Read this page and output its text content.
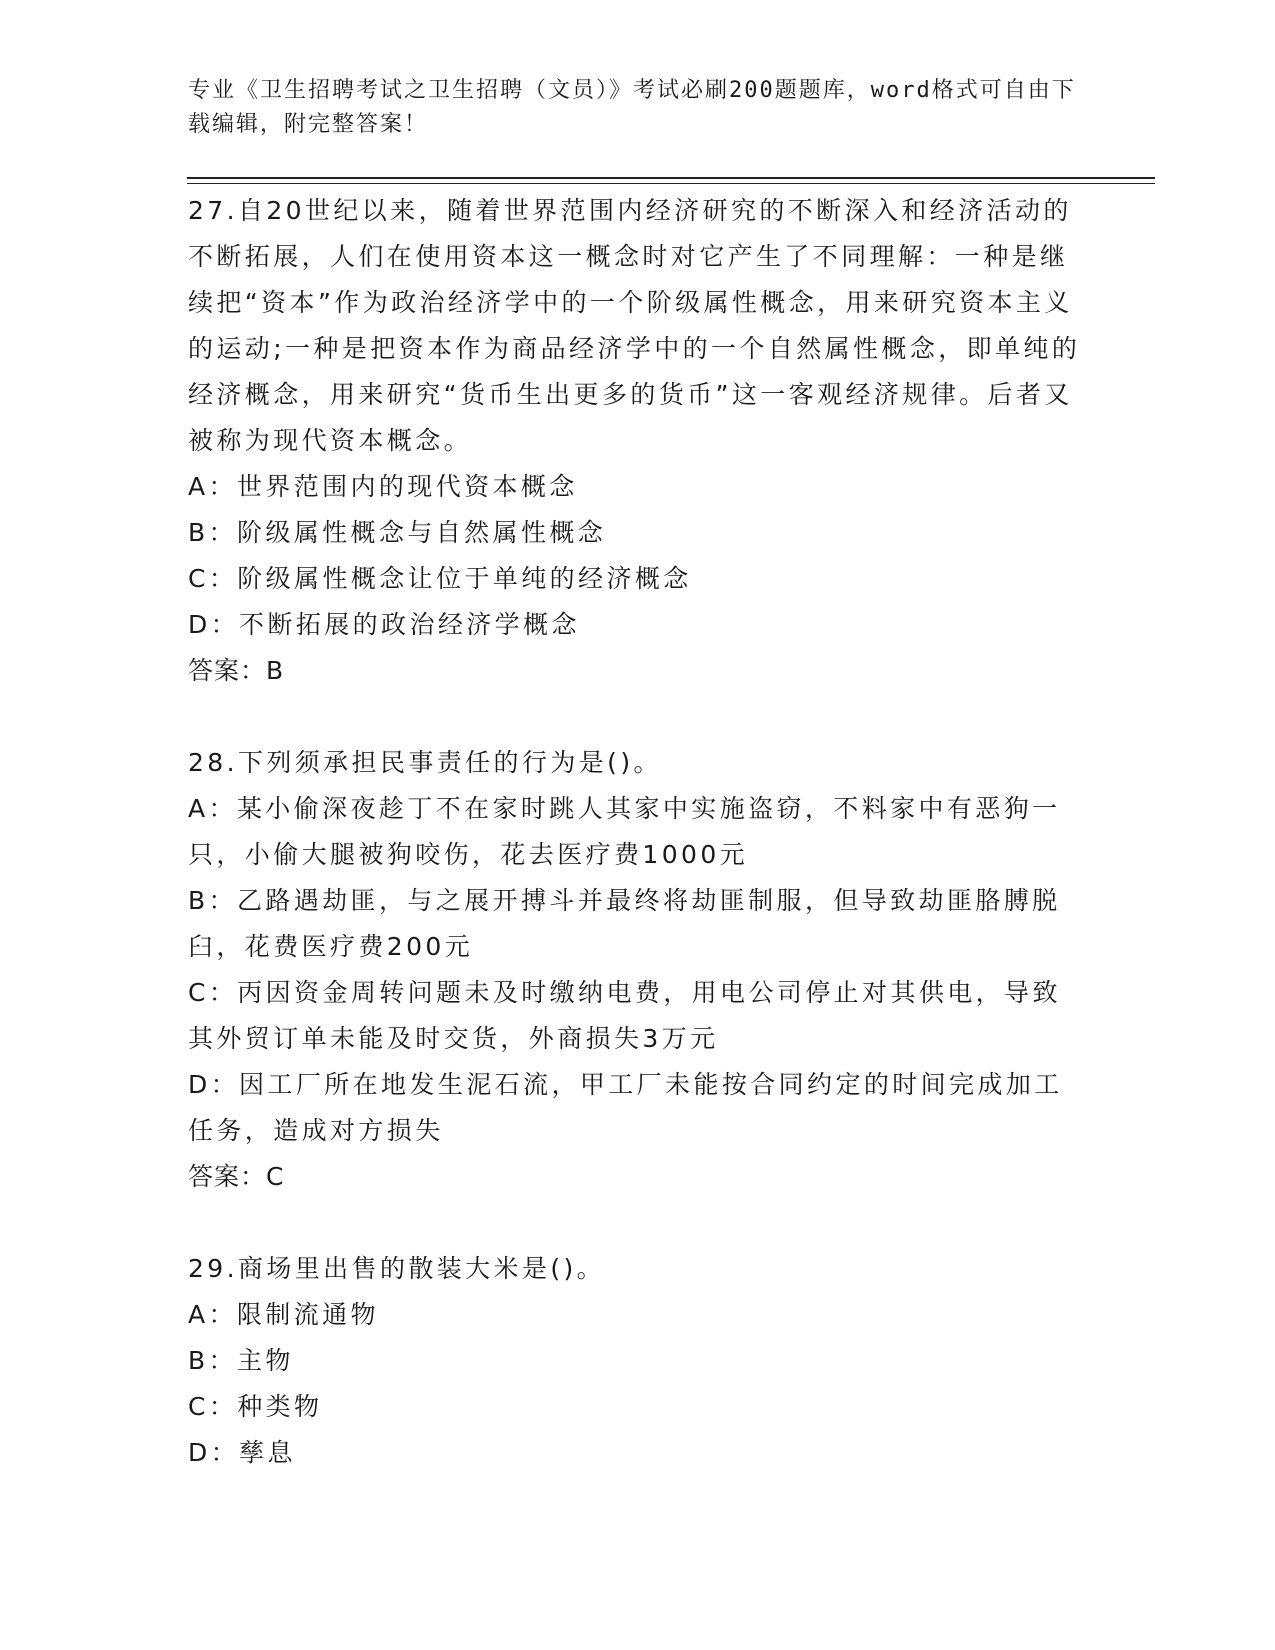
专业《卫生招聘考试之卫生招聘（文员）》考试必刷200题题库，word格式可自由下载编辑，附完整答案！

27.自20世纪以来，随着世界范围内经济研究的不断深入和经济活动的不断拓展，人们在使用资本这一概念时对它产生了不同理解：一种是继续把“资本”作为政治经济学中的一个阶级属性概念，用来研究资本主义的运动;一种是把资本作为商品经济学中的一个自然属性概念，即单纯的经济概念，用来研究“货币生出更多的货币”这一客观经济规律。后者又被称为现代资本概念。

A：世界范围内的现代资本概念

B：阶级属性概念与自然属性概念

C：阶级属性概念让位于单纯的经济概念

D：不断拓展的政治经济学概念

答案：B

28.下列须承担民事责任的行为是()。

A：某小偷深夜趁丁不在家时跳人其家中实施盗窃，不料家中有恶狗一只，小偷大腿被狗咬伤，花去医疗费1000元

B：乙路遇劫匪，与之展开搏斗并最终将劫匪制服，但导致劫匪胳膊脱臼，花费医疗费200元

C：丙因资金周转问题未及时缴纳电费，用电公司停止对其供电，导致其外贸订单未能及时交货，外商损失3万元

D：因工厂所在地发生泥石流，甲工厂未能按合同约定的时间完成加工任务，造成对方损失

答案：C

29.商场里出售的散装大米是()。

A：限制流通物

B：主物

C：种类物

D：孳息
